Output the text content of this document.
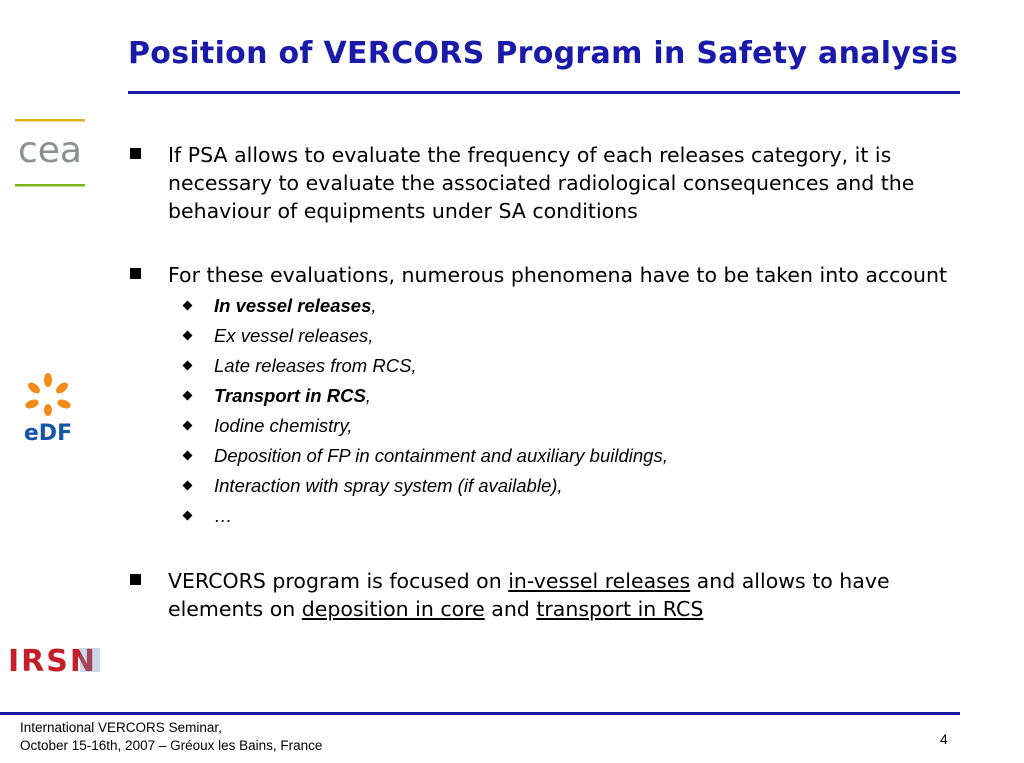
Position of VERCORS Program in Safety analysis
cea
eDF
IRSN
If PSA allows to evaluate the frequency of each releases category, it is necessary to evaluate the associated radiological consequences and the behaviour of equipments under SA conditions
For these evaluations, numerous phenomena have to be taken into account
In vessel releases,
Ex vessel releases,
Late releases from RCS,
Transport in RCS,
Iodine chemistry,
Deposition of FP in containment and auxiliary buildings,
Interaction with spray system (if available),
…
VERCORS program is focused on in-vessel releases and allows to have elements on deposition in core and transport in RCS
International VERCORS Seminar,
October 15-16th, 2007 – Gréoux les Bains, France	4
